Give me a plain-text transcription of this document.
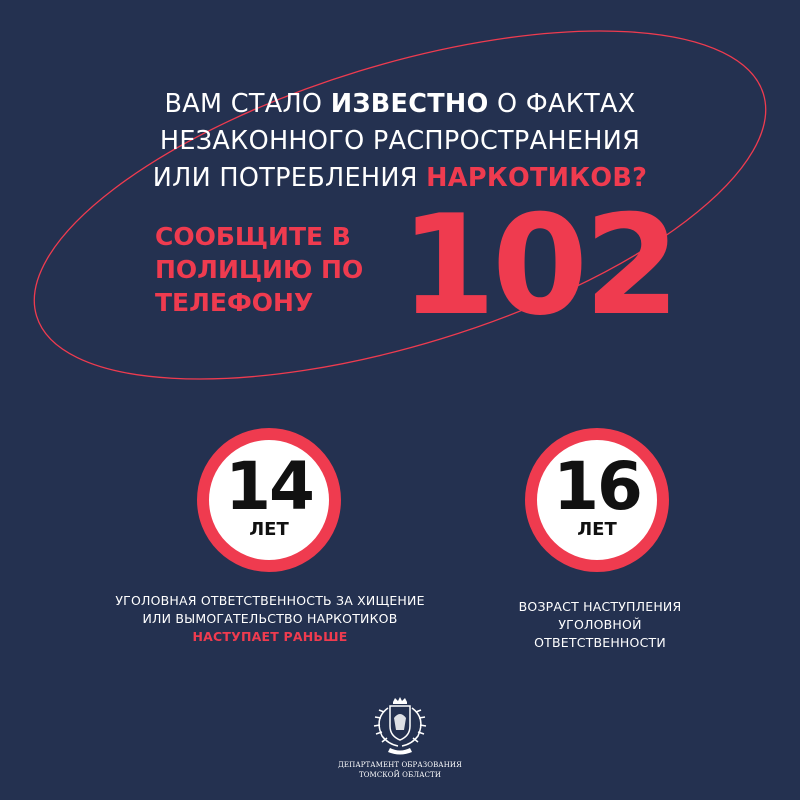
ВАМ СТАЛО ИЗВЕСТНО О ФАКТАХ
НЕЗАКОННОГО РАСПРОСТРАНЕНИЯ
ИЛИ ПОТРЕБЛЕНИЯ НАРКОТИКОВ?
СООБЩИТЕ В
ПОЛИЦИЮ ПО
ТЕЛЕФОНУ 102
14
ЛЕТ
16
ЛЕТ
УГОЛОВНАЯ ОТВЕТСТВЕННОСТЬ ЗА ХИЩЕНИЕ
ИЛИ ВЫМОГАТЕЛЬСТВО НАРКОТИКОВ
НАСТУПАЕТ РАНЬШЕ
ВОЗРАСТ НАСТУПЛЕНИЯ
УГОЛОВНОЙ
ОТВЕТСТВЕННОСТИ
ДЕПАРТАМЕНТ ОБРАЗОВАНИЯ
ТОМСКОЙ ОБЛАСТИ
